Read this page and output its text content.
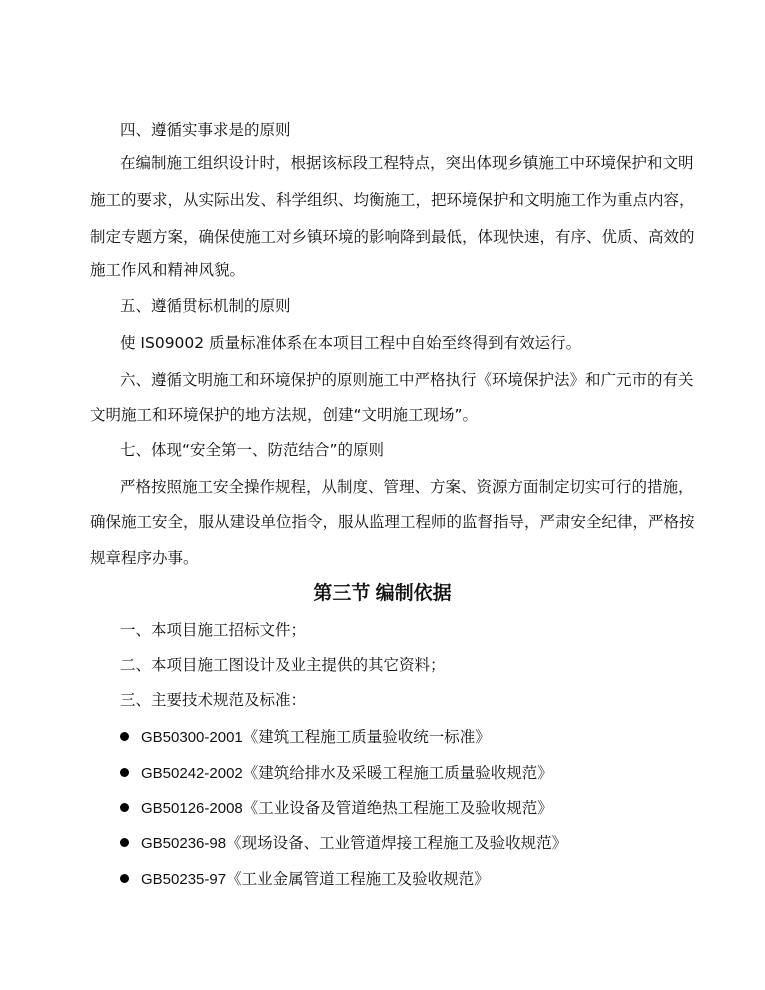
四、遵循实事求是的原则
在编制施工组织设计时，根据该标段工程特点，突出体现乡镇施工中环境保护和文明
施工的要求，从实际出发、科学组织、均衡施工，把环境保护和文明施工作为重点内容，
制定专题方案，确保使施工对乡镇环境的影响降到最低，体现快速，有序、优质、高效的
施工作风和精神风貌。
五、遵循贯标机制的原则
使 IS09002 质量标准体系在本项目工程中自始至终得到有效运行。
六、遵循文明施工和环境保护的原则施工中严格执行《环境保护法》和广元市的有关
文明施工和环境保护的地方法规，创建“文明施工现场”。
七、体现“安全第一、防范结合”的原则
严格按照施工安全操作规程，从制度、管理、方案、资源方面制定切实可行的措施，
确保施工安全，服从建设单位指令，服从监理工程师的监督指导，严肃安全纪律，严格按
规章程序办事。
第三节 编制依据
一、本项目施工招标文件；
二、本项目施工图设计及业主提供的其它资料；
三、主要技术规范及标准：
GB50300-2001《建筑工程施工质量验收统一标准》
GB50242-2002《建筑给排水及采暖工程施工质量验收规范》
GB50126-2008《工业设备及管道绝热工程施工及验收规范》
GB50236-98《现场设备、工业管道焊接工程施工及验收规范》
GB50235-97《工业金属管道工程施工及验收规范》
